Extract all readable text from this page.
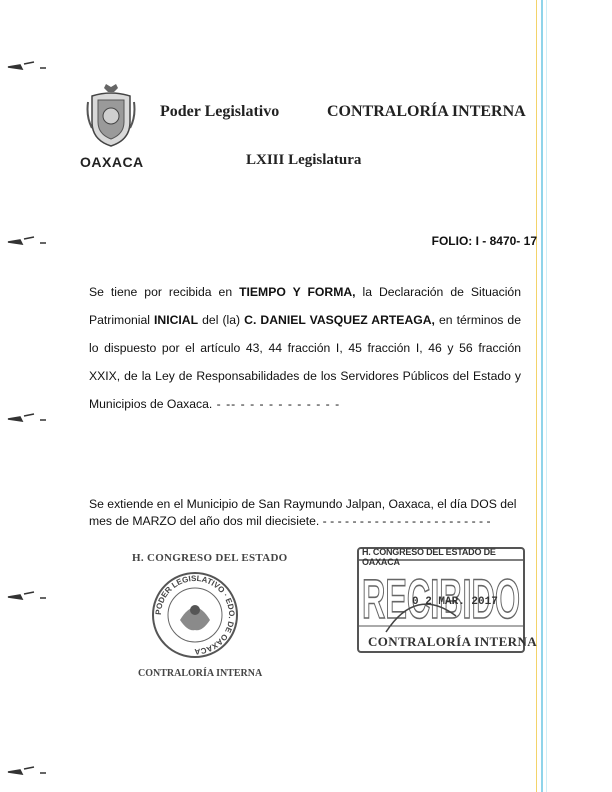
OAXACA
Poder Legislativo	CONTRALORÍA INTERNA
LXIII Legislatura
FOLIO: I - 8470- 17
Se tiene por recibida en TIEMPO Y FORMA, la Declaración de Situación Patrimonial INICIAL del (la) C. DANIEL VASQUEZ ARTEAGA, en términos de lo dispuesto por el artículo 43, 44 fracción I, 45 fracción I, 46 y 56 fracción XXIX, de la Ley de Responsabilidades de los Servidores Públicos del Estado y Municipios de Oaxaca. - -- - - - - - - - - - - -
Se extiende en el Municipio de San Raymundo Jalpan, Oaxaca, el día DOS del mes de MARZO del año dos mil diecisiete. - - - - - - - - - - - - - - - - - - - - - - -
H. CONGRESO DEL ESTADO
PODER LEGISLATIVO · EDO. DE OAXACA
CONTRALORÍA INTERNA
RECIBIDO
H. CONGRESO DEL ESTADO DE OAXACA
0 2 MAR. 2017
CONTRALORÍA INTERNA
